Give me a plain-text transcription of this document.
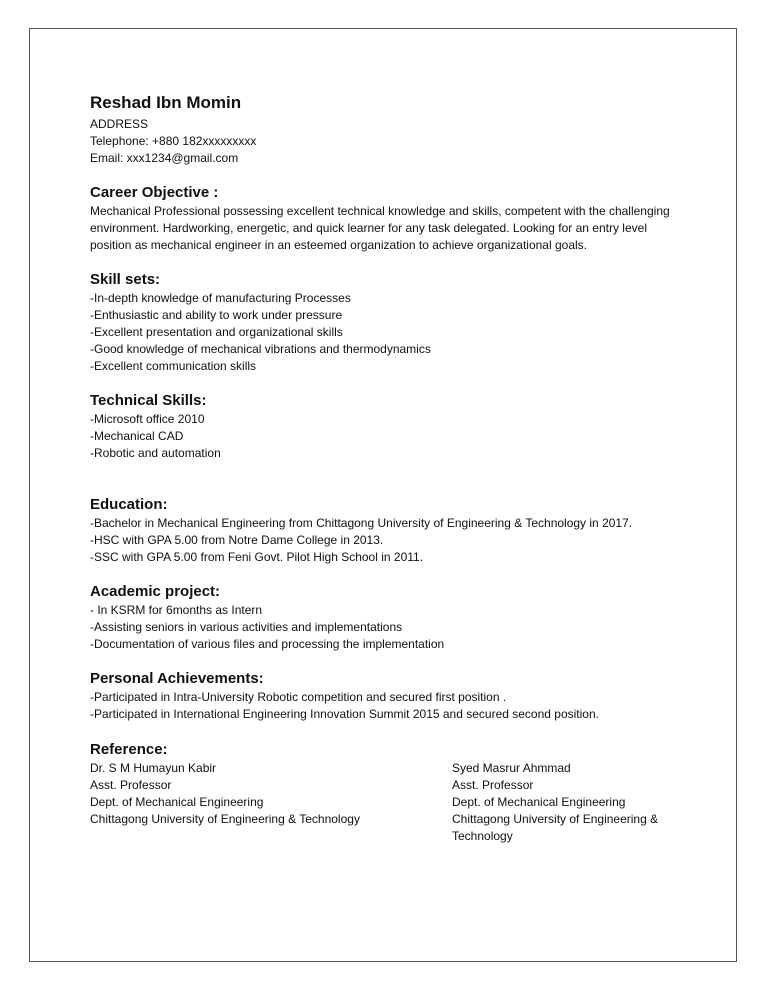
Reshad Ibn Momin
ADDRESS
Telephone: +880 182xxxxxxxxx
Email: xxx1234@gmail.com
Career Objective :

Mechanical Professional possessing excellent technical knowledge and skills, competent with the challenging environment. Hardworking, energetic, and quick learner for any task delegated. Looking for an entry level position as mechanical engineer in an esteemed organization to achieve organizational goals.

Skill sets:
-In-depth knowledge of manufacturing Processes
-Enthusiastic and ability to work under pressure
-Excellent presentation and organizational skills
-Good knowledge of mechanical vibrations and thermodynamics
-Excellent communication skills
Technical Skills:
-Microsoft office 2010
-Mechanical CAD
-Robotic and automation
Education:
-Bachelor in Mechanical Engineering from Chittagong University of Engineering & Technology in 2017.
-HSC with GPA 5.00 from Notre Dame College in 2013.
-SSC with GPA 5.00 from Feni Govt. Pilot High School in 2011.
Academic project:
- In KSRM for 6months as Intern
-Assisting seniors in various activities and implementations
-Documentation of various files and processing the implementation
Personal Achievements:
-Participated in Intra-University Robotic competition and secured first position .
-Participated in International Engineering Innovation Summit 2015 and secured second position.
Reference:
Dr. S M Humayun Kabir
Asst. Professor
Dept. of Mechanical Engineering
Chittagong University of Engineering & Technology
Syed Masrur Ahmmad
Asst. Professor
Dept. of Mechanical Engineering
Chittagong University of Engineering & Technology
